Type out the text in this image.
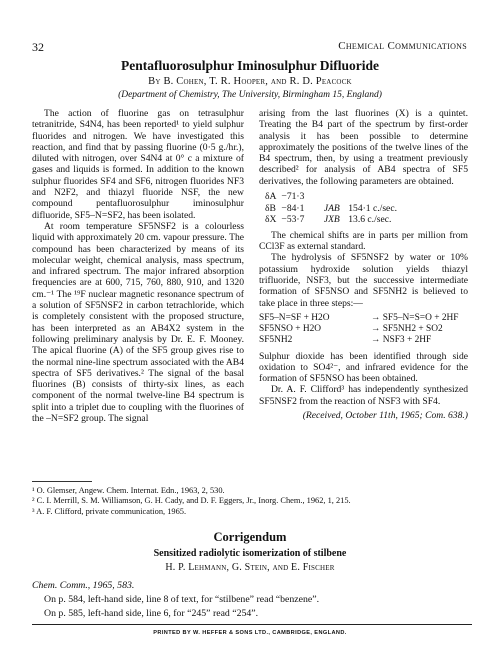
32	Chemical Communications
Pentafluorosulphur Iminosulphur Difluoride
By B. Cohen, T. R. Hooper, and R. D. Peacock
(Department of Chemistry, The University, Birmingham 15, England)

The action of fluorine gas on tetrasulphur tetranitride, S4N4, has been reported¹ to yield sulphur fluorides and nitrogen. We have investigated this reaction, and find that by passing fluorine (0·5 g./hr.), diluted with nitrogen, over S4N4 at 0° c a mixture of gases and liquids is formed. In addition to the known sulphur fluorides SF4 and SF6, nitrogen fluorides NF3 and N2F2, and thiazyl fluoride NSF, the new compound pentafluorosulphur iminosulphur difluoride, SF5–N=SF2, has been isolated.

At room temperature SF5NSF2 is a colourless liquid with approximately 20 cm. vapour pressure. The compound has been characterized by means of its molecular weight, chemical analysis, mass spectrum, and infrared spectrum. The major infrared absorption frequencies are at 600, 715, 760, 880, 910, and 1320 cm.⁻¹ The ¹⁹F nuclear magnetic resonance spectrum of a solution of SF5NSF2 in carbon tetrachloride, which is completely consistent with the proposed structure, has been interpreted as an AB4X2 system in the following preliminary analysis by Dr. E. F. Mooney. The apical fluorine (A) of the SF5 group gives rise to the normal nine-line spectrum associated with the AB4 spectra of SF5 derivatives.² The signal of the basal fluorines (B) consists of thirty-six lines, as each component of the normal twelve-line B4 spectrum is split into a triplet due to coupling with the fluorines of the –N=SF2 group. The signal

arising from the last fluorines (X) is a quintet. Treating the B4 part of the spectrum by first-order analysis it has been possible to determine approximately the positions of the twelve lines of the B4 spectrum, then, by using a treatment previously described² for analysis of AB4 spectra of SF5 derivatives, the following parameters are obtained.

δA −71·3
δB −84·1 JAB 154·1 c./sec.
δX −53·7 JXB 13.6 c./sec.

The chemical shifts are in parts per million from CCl3F as external standard.

The hydrolysis of SF5NSF2 by water or 10% potassium hydroxide solution yields thiazyl trifluoride, NSF3, but the successive intermediate formation of SF5NSO and SF5NH2 is believed to take place in three steps:—

SF5–N=SF + H2O	→ SF5–N=S=O + 2HF
SF5NSO + H2O	→ SF5NH2 + SO2
SF5NH2	→ NSF3 + 2HF

Sulphur dioxide has been identified through side oxidation to SO4²⁻, and infrared evidence for the formation of SF5NSO has been obtained.

Dr. A. F. Clifford³ has independently synthesized SF5NSF2 from the reaction of NSF3 with SF4.

(Received, October 11th, 1965; Com. 638.)
¹ O. Glemser, Angew. Chem. Internat. Edn., 1963, 2, 530.
² C. I. Merrill, S. M. Williamson, G. H. Cady, and D. F. Eggers, Jr., Inorg. Chem., 1962, 1, 215.
³ A. F. Clifford, private communication, 1965.
Corrigendum
Sensitized radiolytic isomerization of stilbene
H. P. Lehmann, G. Stein, and E. Fischer
Chem. Comm., 1965, 583.
On p. 584, left-hand side, line 8 of text, for “stilbene” read “benzene”.
On p. 585, left-hand side, line 6, for “245” read “254”.
PRINTED BY W. HEFFER & SONS LTD., CAMBRIDGE, ENGLAND.
